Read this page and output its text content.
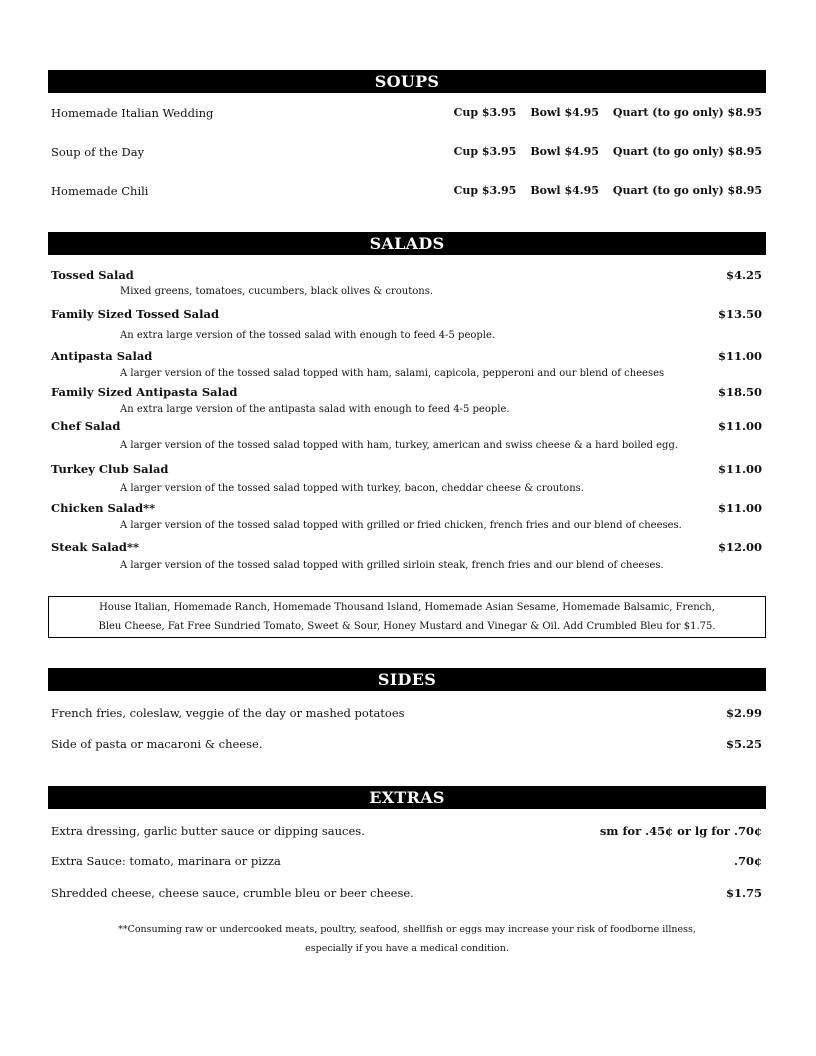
SOUPS
Homemade Italian Wedding	Cup $3.95 Bowl $4.95 Quart (to go only) $8.95
Soup of the Day	Cup $3.95 Bowl $4.95 Quart (to go only) $8.95
Homemade Chili	Cup $3.95 Bowl $4.95 Quart (to go only) $8.95
SALADS
Tossed Salad	$4.25
Mixed greens, tomatoes, cucumbers, black olives & croutons.
Family Sized Tossed Salad	$13.50
An extra large version of the tossed salad with enough to feed 4-5 people.
Antipasta Salad	$11.00
A larger version of the tossed salad topped with ham, salami, capicola, pepperoni and our blend of cheeses
Family Sized Antipasta Salad	$18.50
An extra large version of the antipasta salad with enough to feed 4-5 people.
Chef Salad	$11.00
A larger version of the tossed salad topped with ham, turkey, american and swiss cheese & a hard boiled egg.
Turkey Club Salad	$11.00
A larger version of the tossed salad topped with turkey, bacon, cheddar cheese & croutons.
Chicken Salad**	$11.00
A larger version of the tossed salad topped with grilled or fried chicken, french fries and our blend of cheeses.
Steak Salad**	$12.00
A larger version of the tossed salad topped with grilled sirloin steak, french fries and our blend of cheeses.
House Italian, Homemade Ranch, Homemade Thousand Island, Homemade Asian Sesame, Homemade Balsamic, French,
Bleu Cheese, Fat Free Sundried Tomato, Sweet & Sour, Honey Mustard and Vinegar & Oil. Add Crumbled Bleu for $1.75.
SIDES
French fries, coleslaw, veggie of the day or mashed potatoes	$2.99
Side of pasta or macaroni & cheese.	$5.25
EXTRAS
Extra dressing, garlic butter sauce or dipping sauces.	sm for .45¢ or lg for .70¢
Extra Sauce: tomato, marinara or pizza	.70¢
Shredded cheese, cheese sauce, crumble bleu or beer cheese.	$1.75
**Consuming raw or undercooked meats, poultry, seafood, shellfish or eggs may increase your risk of foodborne illness,
especially if you have a medical condition.
